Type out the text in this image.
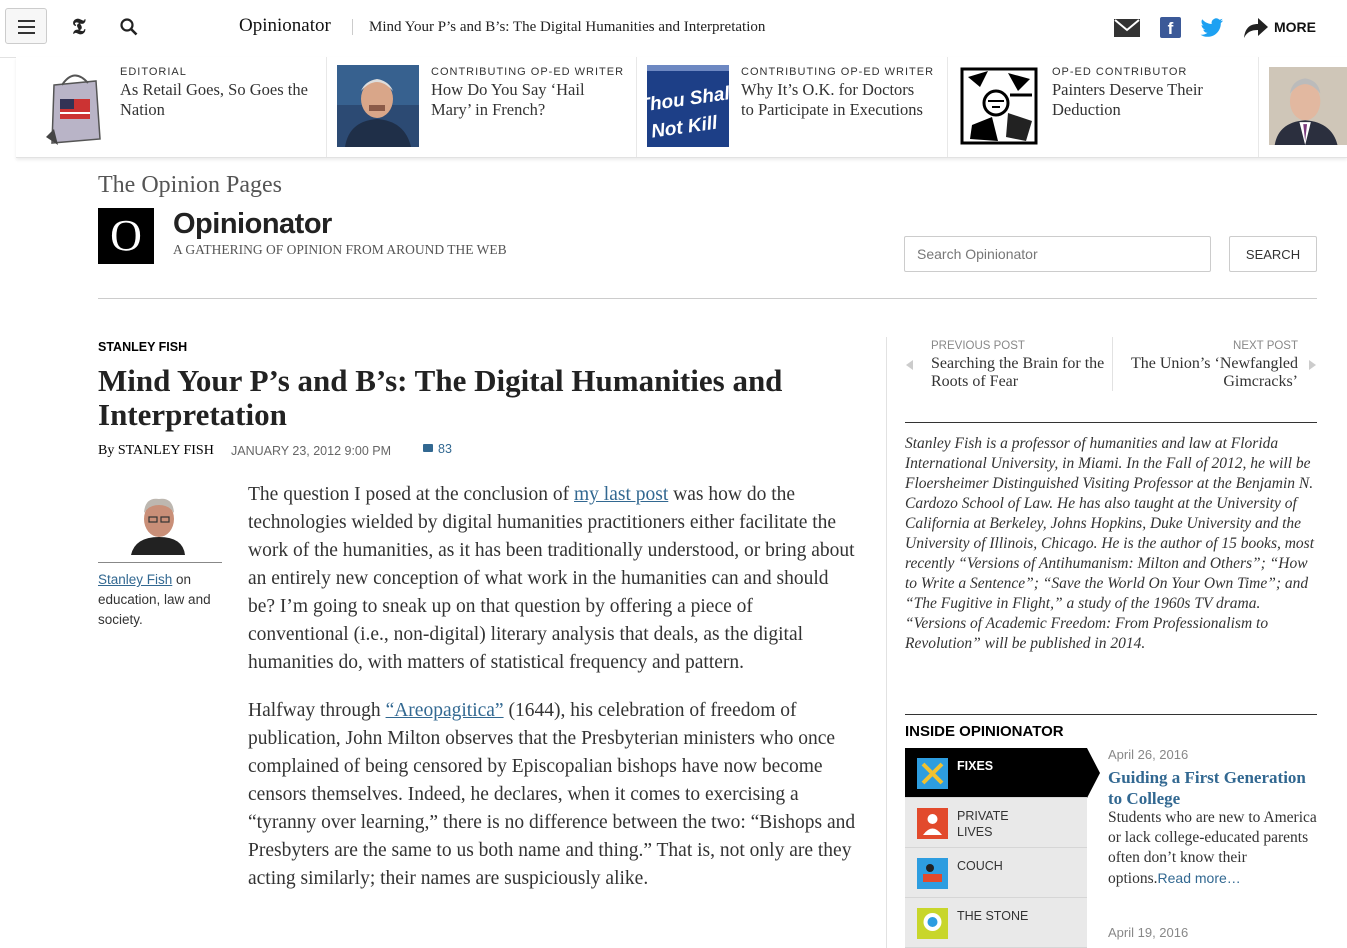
𝕿	Opinionator	Mind Your P’s and B’s: The Digital Humanities and Interpretation	f	MORE
EDITORIAL
As Retail Goes, So Goes the Nation
CONTRIBUTING OP-ED WRITER
How Do You Say ‘Hail Mary’ in French?	Thou Shalt
Not Kill
CONTRIBUTING OP-ED WRITER
Why It’s O.K. for Doctors to Participate in Executions
OP-ED CONTRIBUTOR
Painters Deserve Their Deduction
The Opinion Pages
O	Opinionator
A GATHERING OF OPINION FROM AROUND THE WEB
Search Opinionator	SEARCH
STANLEY FISH
Mind Your P’s and B’s: The Digital Humanities and Interpretation
By STANLEY FISH JANUARY 23, 2012 9:00 PM	83
Stanley Fish on education, law and society.

The question I posed at the conclusion of my last post was how do the technologies wielded by digital humanities practitioners either facilitate the work of the humanities, as it has been traditionally understood, or bring about an entirely new conception of what work in the humanities can and should be? I’m going to sneak up on that question by offering a piece of conventional (i.e., non-digital) literary analysis that deals, as the digital humanities do, with matters of statistical frequency and pattern.

Halfway through “Areopagitica” (1644), his celebration of freedom of publication, John Milton observes that the Presbyterian ministers who once complained of being censored by Episcopalian bishops have now become censors themselves. Indeed, he declares, when it comes to exercising a “tyranny over learning,” there is no difference between the two: “Bishops and Presbyters are the same to us both name and thing.” That is, not only are they acting similarly; their names are suspiciously alike.

PREVIOUS POST
Searching the Brain for the Roots of Fear
NEXT POST
The Union’s ‘Newfangled Gimcracks’
Stanley Fish is a professor of humanities and law at Florida International University, in Miami. In the Fall of 2012, he will be Floersheimer Distinguished Visiting Professor at the Benjamin N. Cardozo School of Law. He has also taught at the University of California at Berkeley, Johns Hopkins, Duke University and the University of Illinois, Chicago. He is the author of 15 books, most recently “Versions of Antihumanism: Milton and Others”; “How to Write a Sentence”; “Save the World On Your Own Time”; and “The Fugitive in Flight,” a study of the 1960s TV drama. “Versions of Academic Freedom: From Professionalism to Revolution” will be published in 2014.
INSIDE OPINIONATOR
FIXES
PRIVATE LIVES
COUCH
THE STONE
April 26, 2016
Guiding a First Generation to College
Students who are new to America or lack college-educated parents often don’t know their options.Read more…
April 19, 2016
